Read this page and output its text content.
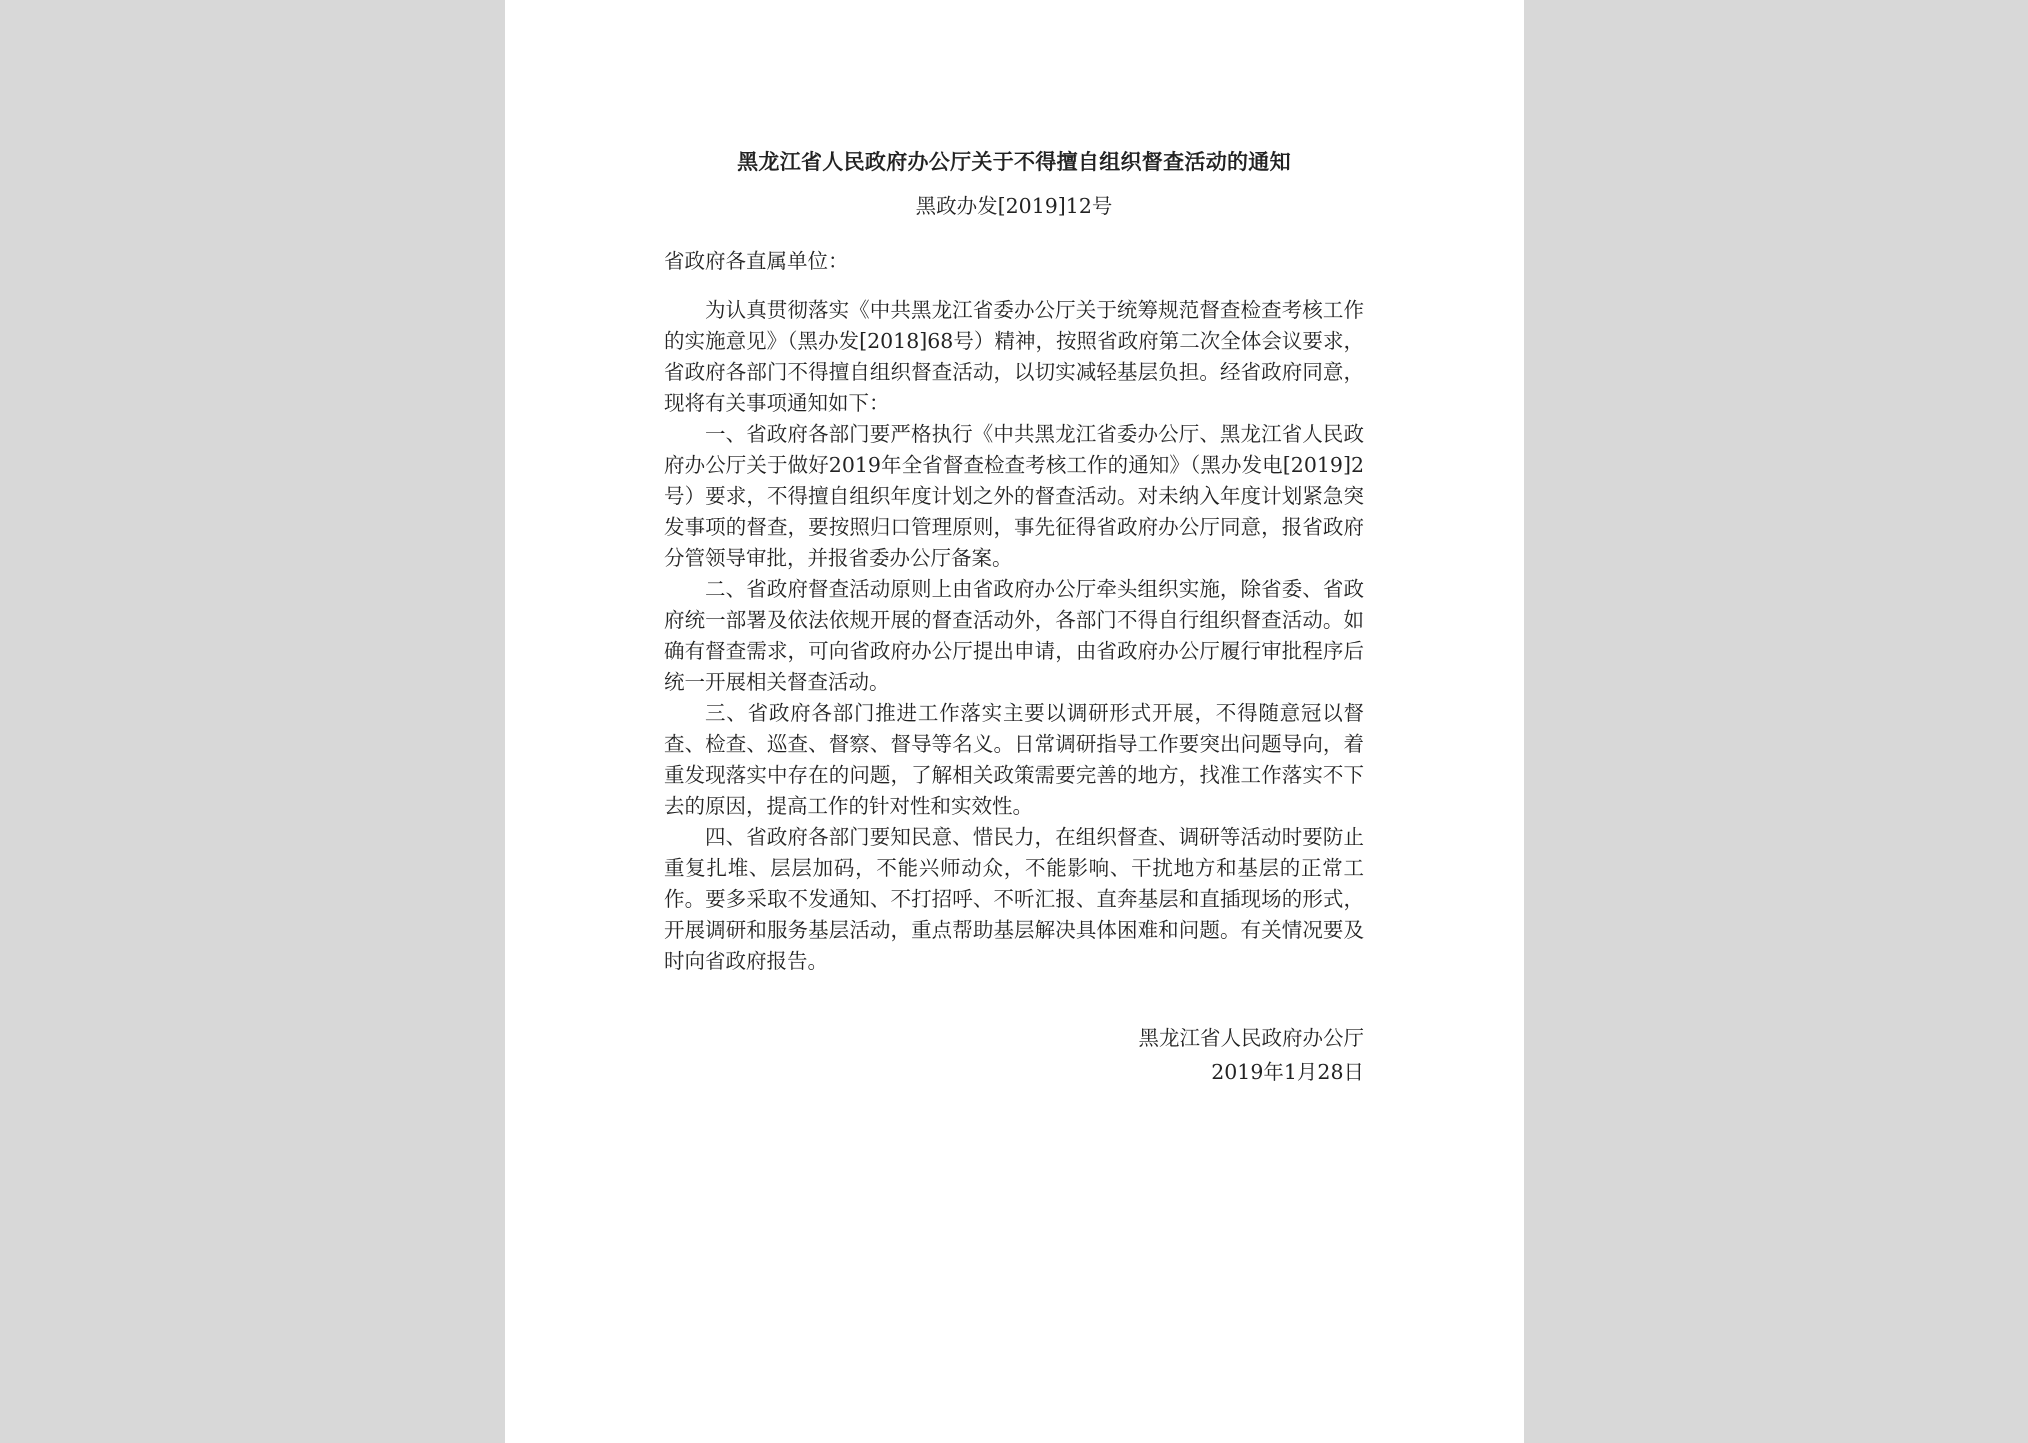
黑龙江省人民政府办公厅关于不得擅自组织督查活动的通知
黑政办发[2019]12号
省政府各直属单位：

为认真贯彻落实《中共黑龙江省委办公厅关于统筹规范督查检查考核工作的实施意见》（黑办发[2018]68号）精神，按照省政府第二次全体会议要求，省政府各部门不得擅自组织督查活动，以切实减轻基层负担。经省政府同意，现将有关事项通知如下：

一、省政府各部门要严格执行《中共黑龙江省委办公厅、黑龙江省人民政府办公厅关于做好2019年全省督查检查考核工作的通知》（黑办发电[2019]2号）要求，不得擅自组织年度计划之外的督查活动。对未纳入年度计划紧急突发事项的督查，要按照归口管理原则，事先征得省政府办公厅同意，报省政府分管领导审批，并报省委办公厅备案。

二、省政府督查活动原则上由省政府办公厅牵头组织实施，除省委、省政府统一部署及依法依规开展的督查活动外，各部门不得自行组织督查活动。如确有督查需求，可向省政府办公厅提出申请，由省政府办公厅履行审批程序后统一开展相关督查活动。

三、省政府各部门推进工作落实主要以调研形式开展，不得随意冠以督查、检查、巡查、督察、督导等名义。日常调研指导工作要突出问题导向，着重发现落实中存在的问题，了解相关政策需要完善的地方，找准工作落实不下去的原因，提高工作的针对性和实效性。

四、省政府各部门要知民意、惜民力，在组织督查、调研等活动时要防止重复扎堆、层层加码，不能兴师动众，不能影响、干扰地方和基层的正常工作。要多采取不发通知、不打招呼、不听汇报、直奔基层和直插现场的形式，开展调研和服务基层活动，重点帮助基层解决具体困难和问题。有关情况要及时向省政府报告。

黑龙江省人民政府办公厅
2019年1月28日
